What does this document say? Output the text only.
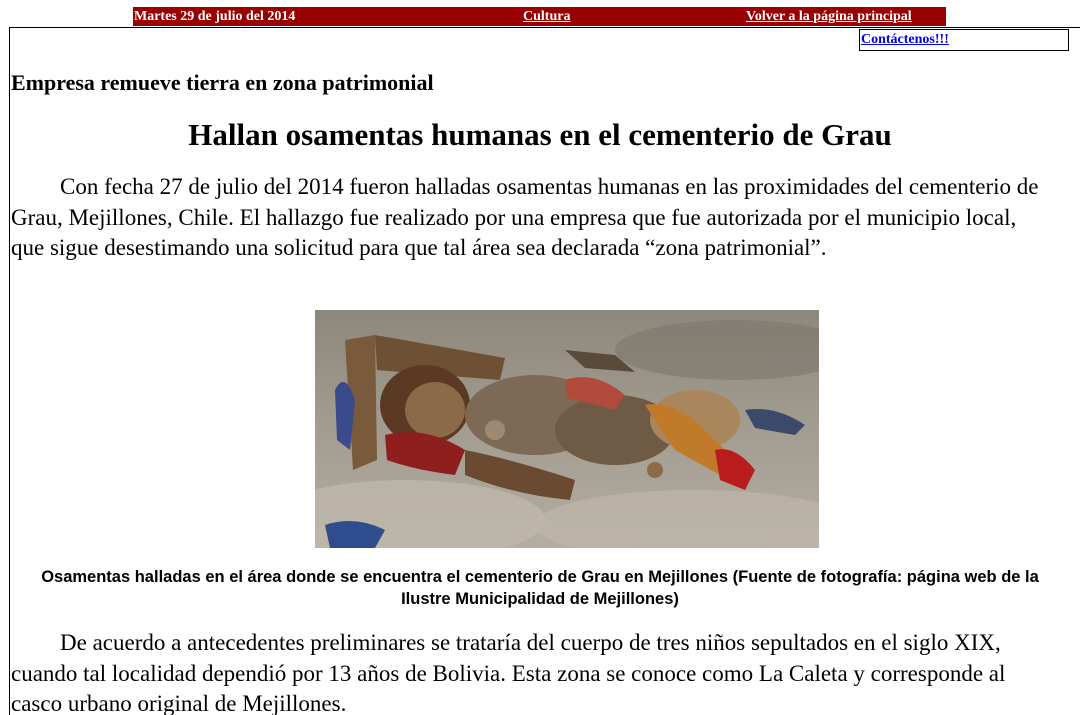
Martes 29 de julio del 2014	Cultura	Volver a la página principal
Contáctenos!!!
Empresa remueve tierra en zona patrimonial
Hallan osamentas humanas en el cementerio de Grau

Con fecha 27 de julio del 2014 fueron halladas osamentas humanas en las proximidades del cementerio de Grau, Mejillones, Chile. El hallazgo fue realizado por una empresa que fue autorizada por el municipio local, que sigue desestimando una solicitud para que tal área sea declarada “zona patrimonial”.

Osamentas halladas en el área donde se encuentra el cementerio de Grau en Mejillones (Fuente de fotografía: página web de la Ilustre Municipalidad de Mejillones)

De acuerdo a antecedentes preliminares se trataría del cuerpo de tres niños sepultados en el siglo XIX, cuando tal localidad dependió por 13 años de Bolivia. Esta zona se conoce como La Caleta y corresponde al casco urbano original de Mejillones.
